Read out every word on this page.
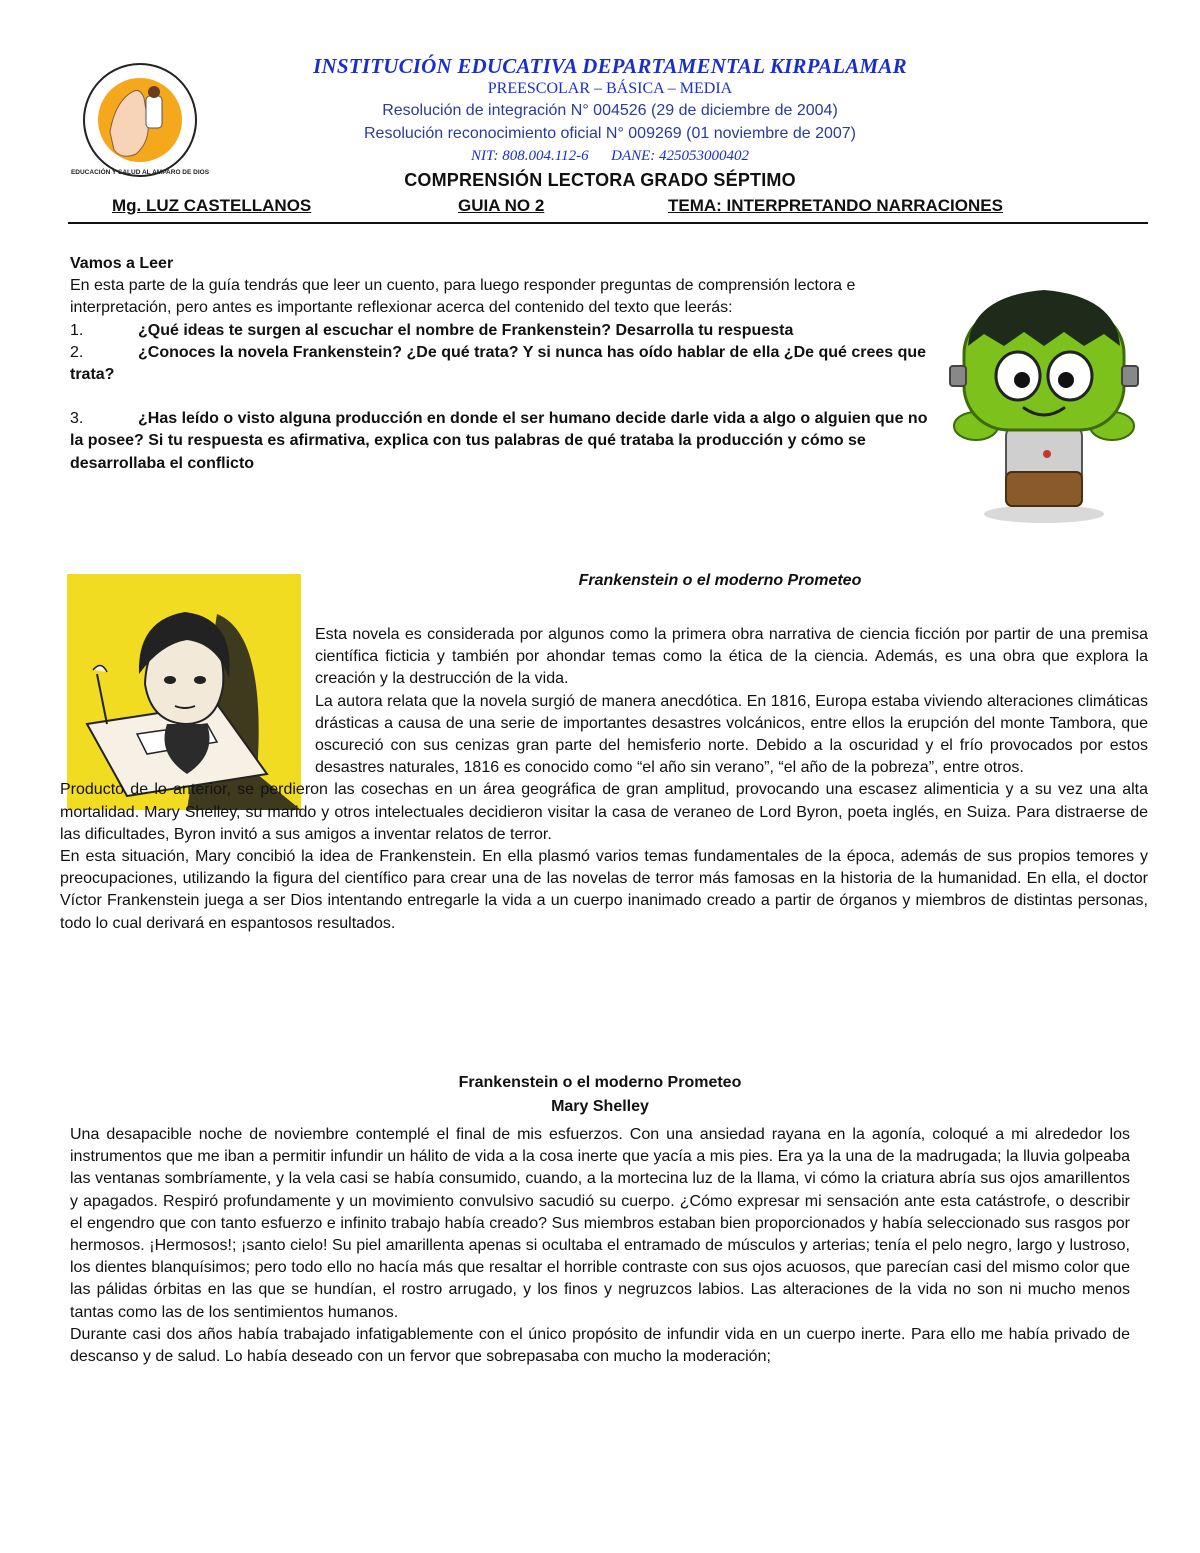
EDUCACIÓN Y SALUD AL AMPARO DE DIOS
INSTITUCIÓN EDUCATIVA DEPARTAMENTAL KIRPALAMAR
PREESCOLAR – BÁSICA – MEDIA
Resolución de integración N° 004526 (29 de diciembre de 2004)
Resolución reconocimiento oficial N° 009269 (01 noviembre de 2007)
NIT: 808.004.112-6      DANE: 425053000402
COMPRENSIÓN LECTORA GRADO SÉPTIMO
Mg. LUZ CASTELLANOS	GUIA NO 2	TEMA: INTERPRETANDO NARRACIONES
Vamos a Leer
En esta parte de la guía tendrás que leer un cuento, para luego responder preguntas de comprensión lectora e interpretación, pero antes es importante reflexionar acerca del contenido del texto que leerás:
1.	¿Qué ideas te surgen al escuchar el nombre de Frankenstein? Desarrolla tu respuesta
2.	¿Conoces la novela Frankenstein? ¿De qué trata? Y si nunca has oído hablar de ella ¿De qué crees que trata?
3.	¿Has leído o visto alguna producción en donde el ser humano decide darle vida a algo o alguien que no la posee? Si tu respuesta es afirmativa, explica con tus palabras de qué trataba la producción y cómo se desarrollaba el conflicto
Frankenstein o el moderno Prometeo

Esta novela es considerada por algunos como la primera obra narrativa de ciencia ficción por partir de una premisa científica ficticia y también por ahondar temas como la ética de la ciencia. Además, es una obra que explora la creación y la destrucción de la vida.

La autora relata que la novela surgió de manera anecdótica. En 1816, Europa estaba viviendo alteraciones climáticas drásticas a causa de una serie de importantes desastres volcánicos, entre ellos la erupción del monte Tambora, que oscureció con sus cenizas gran parte del hemisferio norte. Debido a la oscuridad y el frío provocados por estos desastres naturales, 1816 es conocido como “el año sin verano”, “el año de la pobreza”, entre otros.

Producto de lo anterior, se perdieron las cosechas en un área geográfica de gran amplitud, provocando una escasez alimenticia y a su vez una alta mortalidad. Mary Shelley, su marido y otros intelectuales decidieron visitar la casa de veraneo de Lord Byron, poeta inglés, en Suiza. Para distraerse de las dificultades, Byron invitó a sus amigos a inventar relatos de terror.

En esta situación, Mary concibió la idea de Frankenstein. En ella plasmó varios temas fundamentales de la época, además de sus propios temores y preocupaciones, utilizando la figura del científico para crear una de las novelas de terror más famosas en la historia de la humanidad. En ella, el doctor Víctor Frankenstein juega a ser Dios intentando entregarle la vida a un cuerpo inanimado creado a partir de órganos y miembros de distintas personas, todo lo cual derivará en espantosos resultados.

Frankenstein o el moderno Prometeo
Mary Shelley

Una desapacible noche de noviembre contemplé el final de mis esfuerzos. Con una ansiedad rayana en la agonía, coloqué a mi alrededor los instrumentos que me iban a permitir infundir un hálito de vida a la cosa inerte que yacía a mis pies. Era ya la una de la madrugada; la lluvia golpeaba las ventanas sombríamente, y la vela casi se había consumido, cuando, a la mortecina luz de la llama, vi cómo la criatura abría sus ojos amarillentos y apagados. Respiró profundamente y un movimiento convulsivo sacudió su cuerpo. ¿Cómo expresar mi sensación ante esta catástrofe, o describir el engendro que con tanto esfuerzo e infinito trabajo había creado? Sus miembros estaban bien proporcionados y había seleccionado sus rasgos por hermosos. ¡Hermosos!; ¡santo cielo! Su piel amarillenta apenas si ocultaba el entramado de músculos y arterias; tenía el pelo negro, largo y lustroso, los dientes blanquísimos; pero todo ello no hacía más que resaltar el horrible contraste con sus ojos acuosos, que parecían casi del mismo color que las pálidas órbitas en las que se hundían, el rostro arrugado, y los finos y negruzcos labios. Las alteraciones de la vida no son ni mucho menos tantas como las de los sentimientos humanos.

Durante casi dos años había trabajado infatigablemente con el único propósito de infundir vida en un cuerpo inerte. Para ello me había privado de descanso y de salud. Lo había deseado con un fervor que sobrepasaba con mucho la moderación;
